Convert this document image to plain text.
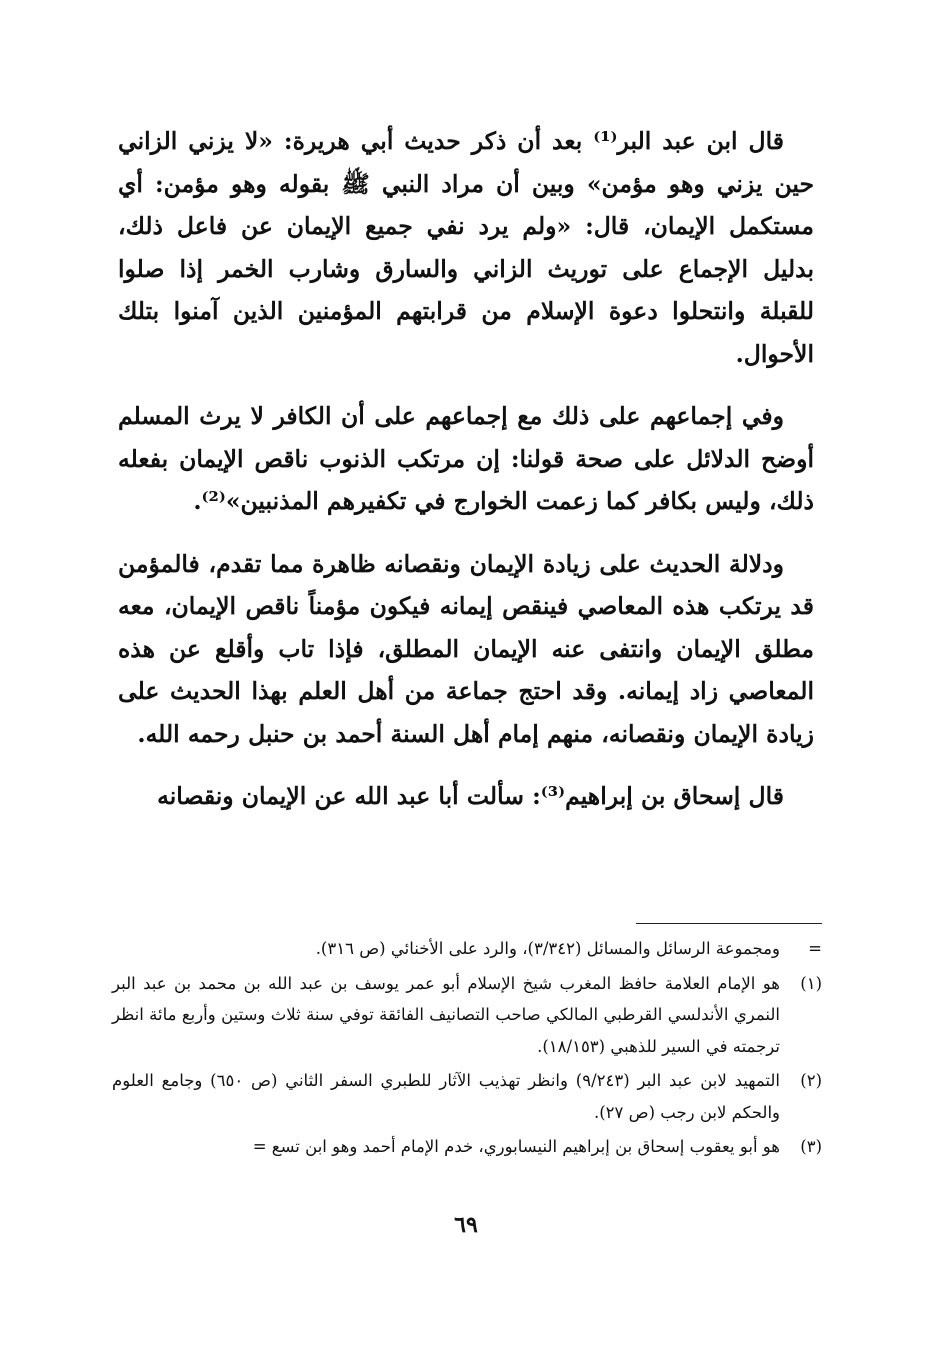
قال ابن عبد البر⁽¹⁾ بعد أن ذكر حديث أبي هريرة: «لا يزني الزاني حين يزني وهو مؤمن» وبين أن مراد النبي ﷺ بقوله وهو مؤمن: أي مستكمل الإيمان، قال: «ولم يرد نفي جميع الإيمان عن فاعل ذلك، بدليل الإجماع على توريث الزاني والسارق وشارب الخمر إذا صلوا للقبلة وانتحلوا دعوة الإسلام من قرابتهم المؤمنين الذين آمنوا بتلك الأحوال.

وفي إجماعهم على ذلك مع إجماعهم على أن الكافر لا يرث المسلم أوضح الدلائل على صحة قولنا: إن مرتكب الذنوب ناقص الإيمان بفعله ذلك، وليس بكافر كما زعمت الخوارج في تكفيرهم المذنبين»⁽²⁾.

ودلالة الحديث على زيادة الإيمان ونقصانه ظاهرة مما تقدم، فالمؤمن قد يرتكب هذه المعاصي فينقص إيمانه فيكون مؤمناً ناقص الإيمان، معه مطلق الإيمان وانتفى عنه الإيمان المطلق، فإذا تاب وأقلع عن هذه المعاصي زاد إيمانه. وقد احتج جماعة من أهل العلم بهذا الحديث على زيادة الإيمان ونقصانه، منهم إمام أهل السنة أحمد بن حنبل رحمه الله.

قال إسحاق بن إبراهيم⁽³⁾: سألت أبا عبد الله عن الإيمان ونقصانه

=
ومجموعة الرسائل والمسائل (٣/٣٤٢)، والرد على الأخنائي (ص ٣١٦).
(١)
هو الإمام العلامة حافظ المغرب شيخ الإسلام أبو عمر يوسف بن عبد الله بن محمد بن عبد البر النمري الأندلسي القرطبي المالكي صاحب التصانيف الفائقة توفي سنة ثلاث وستين وأربع مائة انظر ترجمته في السير للذهبي (١٨/١٥٣).
(٢)
التمهيد لابن عبد البر (٩/٢٤٣) وانظر تهذيب الآثار للطبري السفر الثاني (ص ٦٥٠) وجامع العلوم والحكم لابن رجب (ص ٢٧).
(٣)
هو أبو يعقوب إسحاق بن إبراهيم النيسابوري، خدم الإمام أحمد وهو ابن تسع =
٦٩
